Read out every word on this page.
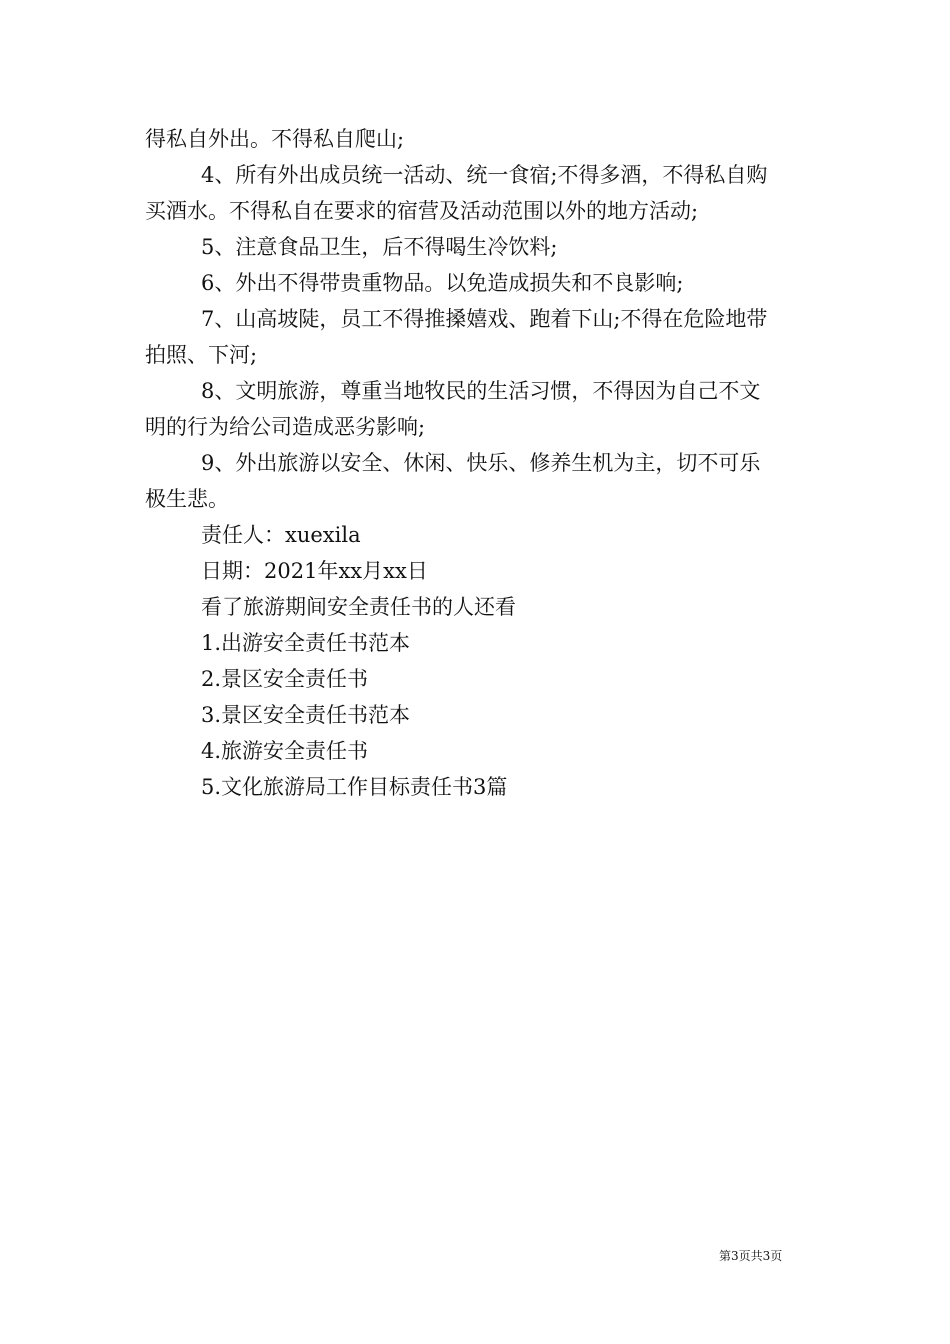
得私自外出。不得私自爬山;

4、所有外出成员统一活动、统一食宿;不得多酒，不得私自购

买酒水。不得私自在要求的宿营及活动范围以外的地方活动;

5、注意食品卫生，后不得喝生冷饮料;

6、外出不得带贵重物品。以免造成损失和不良影响;

7、山高坡陡，员工不得推搡嬉戏、跑着下山;不得在危险地带

拍照、下河;

8、文明旅游，尊重当地牧民的生活习惯，不得因为自己不文

明的行为给公司造成恶劣影响;

9、外出旅游以安全、休闲、快乐、修养生机为主，切不可乐

极生悲。

责任人：xuexila

日期：2021年xx月xx日

看了旅游期间安全责任书的人还看

1.出游安全责任书范本

2.景区安全责任书

3.景区安全责任书范本

4.旅游安全责任书

5.文化旅游局工作目标责任书3篇

第3页共3页
